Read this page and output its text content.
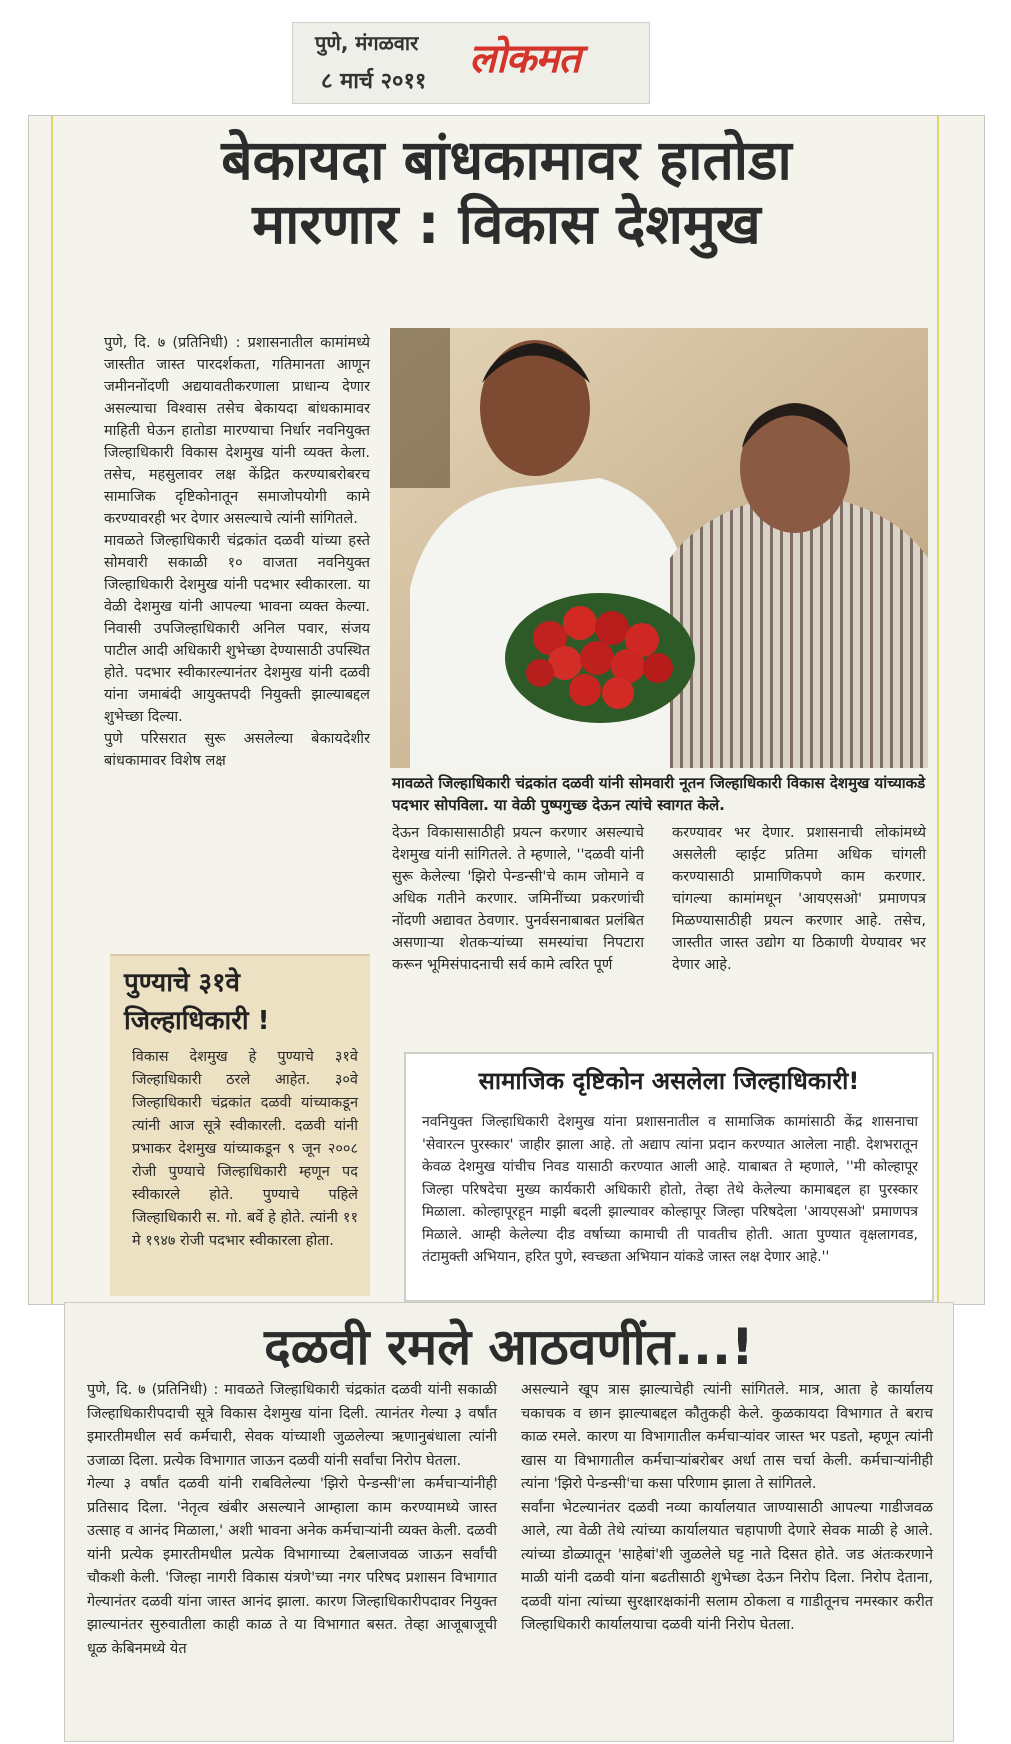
पुणे, मंगळवार
८ मार्च २०११ लोकमत
बेकायदा बांधकामावर हातोडा
मारणार : विकास देशमुख
पुणे, दि. ७ (प्रतिनिधी) : प्रशासनातील कामांमध्ये जास्तीत जास्त पारदर्शकता, गतिमानता आणून जमीननोंदणी अद्ययावतीकरणाला प्राधान्य देणार असल्याचा विश्वास तसेच बेकायदा बांधकामावर माहिती घेऊन हातोडा मारण्याचा निर्धार नवनियुक्त जिल्हाधिकारी विकास देशमुख यांनी व्यक्त केला. तसेच, महसुलावर लक्ष केंद्रित करण्याबरोबरच सामाजिक दृष्टिकोनातून समाजोपयोगी कामे करण्यावरही भर देणार असल्याचे त्यांनी सांगितले.
मावळते जिल्हाधिकारी चंद्रकांत दळवी यांच्या हस्ते सोमवारी सकाळी १० वाजता नवनियुक्त जिल्हाधिकारी देशमुख यांनी पदभार स्वीकारला. या वेळी देशमुख यांनी आपल्या भावना व्यक्त केल्या. निवासी उपजिल्हाधिकारी अनिल पवार, संजय पाटील आदी अधिकारी शुभेच्छा देण्यासाठी उपस्थित होते. पदभार स्वीकारल्यानंतर देशमुख यांनी दळवी यांना जमाबंदी आयुक्तपदी नियुक्ती झाल्याबद्दल शुभेच्छा दिल्या.
पुणे परिसरात सुरू असलेल्या बेकायदेशीर बांधकामावर विशेष लक्ष
मावळते जिल्हाधिकारी चंद्रकांत दळवी यांनी सोमवारी नूतन जिल्हाधिकारी विकास देशमुख यांच्याकडे पदभार सोपविला. या वेळी पुष्पगुच्छ देऊन त्यांचे स्वागत केले.
देऊन विकासासाठीही प्रयत्न करणार असल्याचे देशमुख यांनी सांगितले. ते म्हणाले, ''दळवी यांनी सुरू केलेल्या 'झिरो पेन्डन्सी'चे काम जोमाने व अधिक गतीने करणार. जमिनींच्या प्रकरणांची नोंदणी अद्यावत ठेवणार. पुनर्वसनाबाबत प्रलंबित असणाऱ्या शेतकऱ्यांच्या समस्यांचा निपटारा करून भूमिसंपादनाची सर्व कामे त्वरित पूर्ण
करण्यावर भर देणार. प्रशासनाची लोकांमध्ये असलेली व्हाईट प्रतिमा अधिक चांगली करण्यासाठी प्रामाणिकपणे काम करणार. चांगल्या कामांमधून 'आयएसओ' प्रमाणपत्र मिळण्यासाठीही प्रयत्न करणार आहे. तसेच, जास्तीत जास्त उद्योग या ठिकाणी येण्यावर भर देणार आहे.
पुण्याचे ३१वे जिल्हाधिकारी !
विकास देशमुख हे पुण्याचे ३१वे जिल्हाधिकारी ठरले आहेत. ३०वे जिल्हाधिकारी चंद्रकांत दळवी यांच्याकडून त्यांनी आज सूत्रे स्वीकारली. दळवी यांनी प्रभाकर देशमुख यांच्याकडून ९ जून २००८ रोजी पुण्याचे जिल्हाधिकारी म्हणून पद स्वीकारले होते. पुण्याचे पहिले जिल्हाधिकारी स. गो. बर्वे हे होते. त्यांनी ११ मे १९४७ रोजी पदभार स्वीकारला होता.
सामाजिक दृष्टिकोन असलेला जिल्हाधिकारी!
नवनियुक्त जिल्हाधिकारी देशमुख यांना प्रशासनातील व सामाजिक कामांसाठी केंद्र शासनाचा 'सेवारत्न पुरस्कार' जाहीर झाला आहे. तो अद्याप त्यांना प्रदान करण्यात आलेला नाही. देशभरातून केवळ देशमुख यांचीच निवड यासाठी करण्यात आली आहे. याबाबत ते म्हणाले, ''मी कोल्हापूर जिल्हा परिषदेचा मुख्य कार्यकारी अधिकारी होतो, तेव्हा तेथे केलेल्या कामाबद्दल हा पुरस्कार मिळाला. कोल्हापूरहून माझी बदली झाल्यावर कोल्हापूर जिल्हा परिषदेला 'आयएसओ' प्रमाणपत्र मिळाले. आम्ही केलेल्या दीड वर्षाच्या कामाची ती पावतीच होती. आता पुण्यात वृक्षलागवड, तंटामुक्ती अभियान, हरित पुणे, स्वच्छता अभियान यांकडे जास्त लक्ष देणार आहे.''
दळवी रमले आठवणींत...!
पुणे, दि. ७ (प्रतिनिधी) : मावळते जिल्हाधिकारी चंद्रकांत दळवी यांनी सकाळी जिल्हाधिकारीपदाची सूत्रे विकास देशमुख यांना दिली. त्यानंतर गेल्या ३ वर्षांत इमारतीमधील सर्व कर्मचारी, सेवक यांच्याशी जुळलेल्या ऋणानुबंधाला त्यांनी उजाळा दिला. प्रत्येक विभागात जाऊन दळवी यांनी सर्वांचा निरोप घेतला.
गेल्या ३ वर्षांत दळवी यांनी राबविलेल्या 'झिरो पेन्डन्सी'ला कर्मचाऱ्यांनीही प्रतिसाद दिला. 'नेतृत्व खंबीर असल्याने आम्हाला काम करण्यामध्ये जास्त उत्साह व आनंद मिळाला,' अशी भावना अनेक कर्मचाऱ्यांनी व्यक्त केली. दळवी यांनी प्रत्येक इमारतीमधील प्रत्येक विभागाच्या टेबलाजवळ जाऊन सर्वांची चौकशी केली. 'जिल्हा नागरी विकास यंत्रणे'च्या नगर परिषद प्रशासन विभागात गेल्यानंतर दळवी यांना जास्त आनंद झाला. कारण जिल्हाधिकारीपदावर नियुक्त झाल्यानंतर सुरुवातीला काही काळ ते या विभागात बसत. तेव्हा आजूबाजूची धूळ केबिनमध्ये येत
असल्याने खूप त्रास झाल्याचेही त्यांनी सांगितले. मात्र, आता हे कार्यालय चकाचक व छान झाल्याबद्दल कौतुकही केले. कुळकायदा विभागात ते बराच काळ रमले. कारण या विभागातील कर्मचाऱ्यांवर जास्त भर पडतो, म्हणून त्यांनी खास या विभागातील कर्मचाऱ्यांबरोबर अर्धा तास चर्चा केली. कर्मचाऱ्यांनीही त्यांना 'झिरो पेन्डन्सी'चा कसा परिणाम झाला ते सांगितले.
सर्वांना भेटल्यानंतर दळवी नव्या कार्यालयात जाण्यासाठी आपल्या गाडीजवळ आले, त्या वेळी तेथे त्यांच्या कार्यालयात चहापाणी देणारे सेवक माळी हे आले. त्यांच्या डोळ्यातून 'साहेबां'शी जुळलेले घट्ट नाते दिसत होते. जड अंतःकरणाने माळी यांनी दळवी यांना बढतीसाठी शुभेच्छा देऊन निरोप दिला. निरोप देताना, दळवी यांना त्यांच्या सुरक्षारक्षकांनी सलाम ठोकला व गाडीतूनच नमस्कार करीत जिल्हाधिकारी कार्यालयाचा दळवी यांनी निरोप घेतला.
